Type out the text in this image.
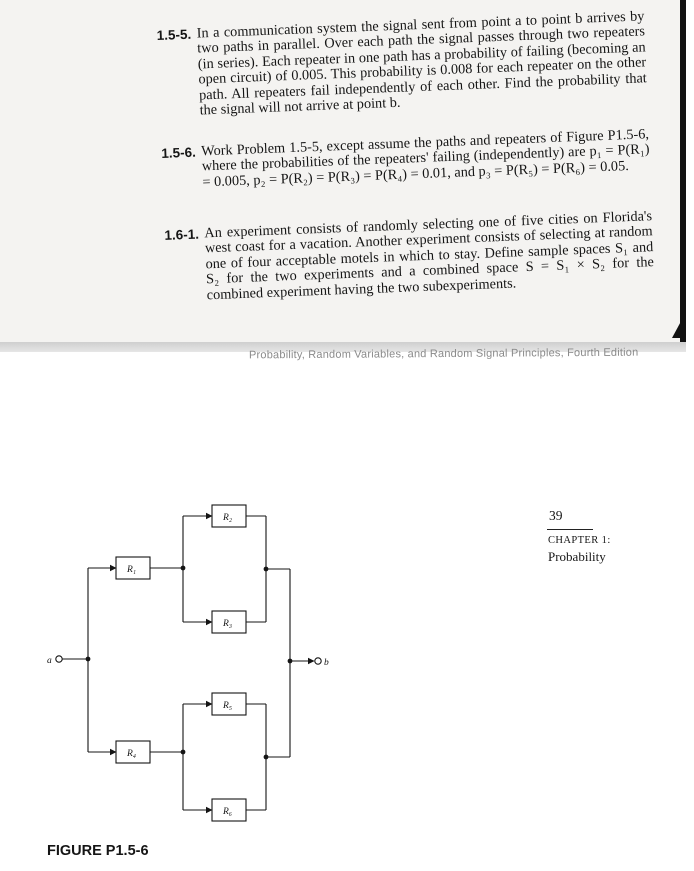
1.5-5. In a communication system the signal sent from point a to point b arrives by two paths in parallel. Over each path the signal passes through two repeaters (in series). Each repeater in one path has a probability of failing (becoming an open circuit) of 0.005. This probability is 0.008 for each repeater on the other path. All repeaters fail independently of each other. Find the probability that the signal will not arrive at point b.
1.5-6. Work Problem 1.5-5, except assume the paths and repeaters of Figure P1.5-6, where the probabilities of the repeaters' failing (independently) are p₁ = P(R₁) = 0.005, p₂ = P(R₂) = P(R₃) = P(R₄) = 0.01, and p₃ = P(R₅) = P(R₆) = 0.05.
1.6-1. An experiment consists of randomly selecting one of five cities on Florida's west coast for a vacation. Another experiment consists of selecting at random one of four acceptable motels in which to stay. Define sample spaces S₁ and S₂ for the two experiments and a combined space S = S₁ × S₂ for the combined experiment having the two subexperiments.
Probability, Random Variables, and Random Signal Principles, Fourth Edition
39
CHAPTER 1:
Probability
R₁
R₂
R₃
R₄
R₅
R₆
a	b
FIGURE P1.5-6
